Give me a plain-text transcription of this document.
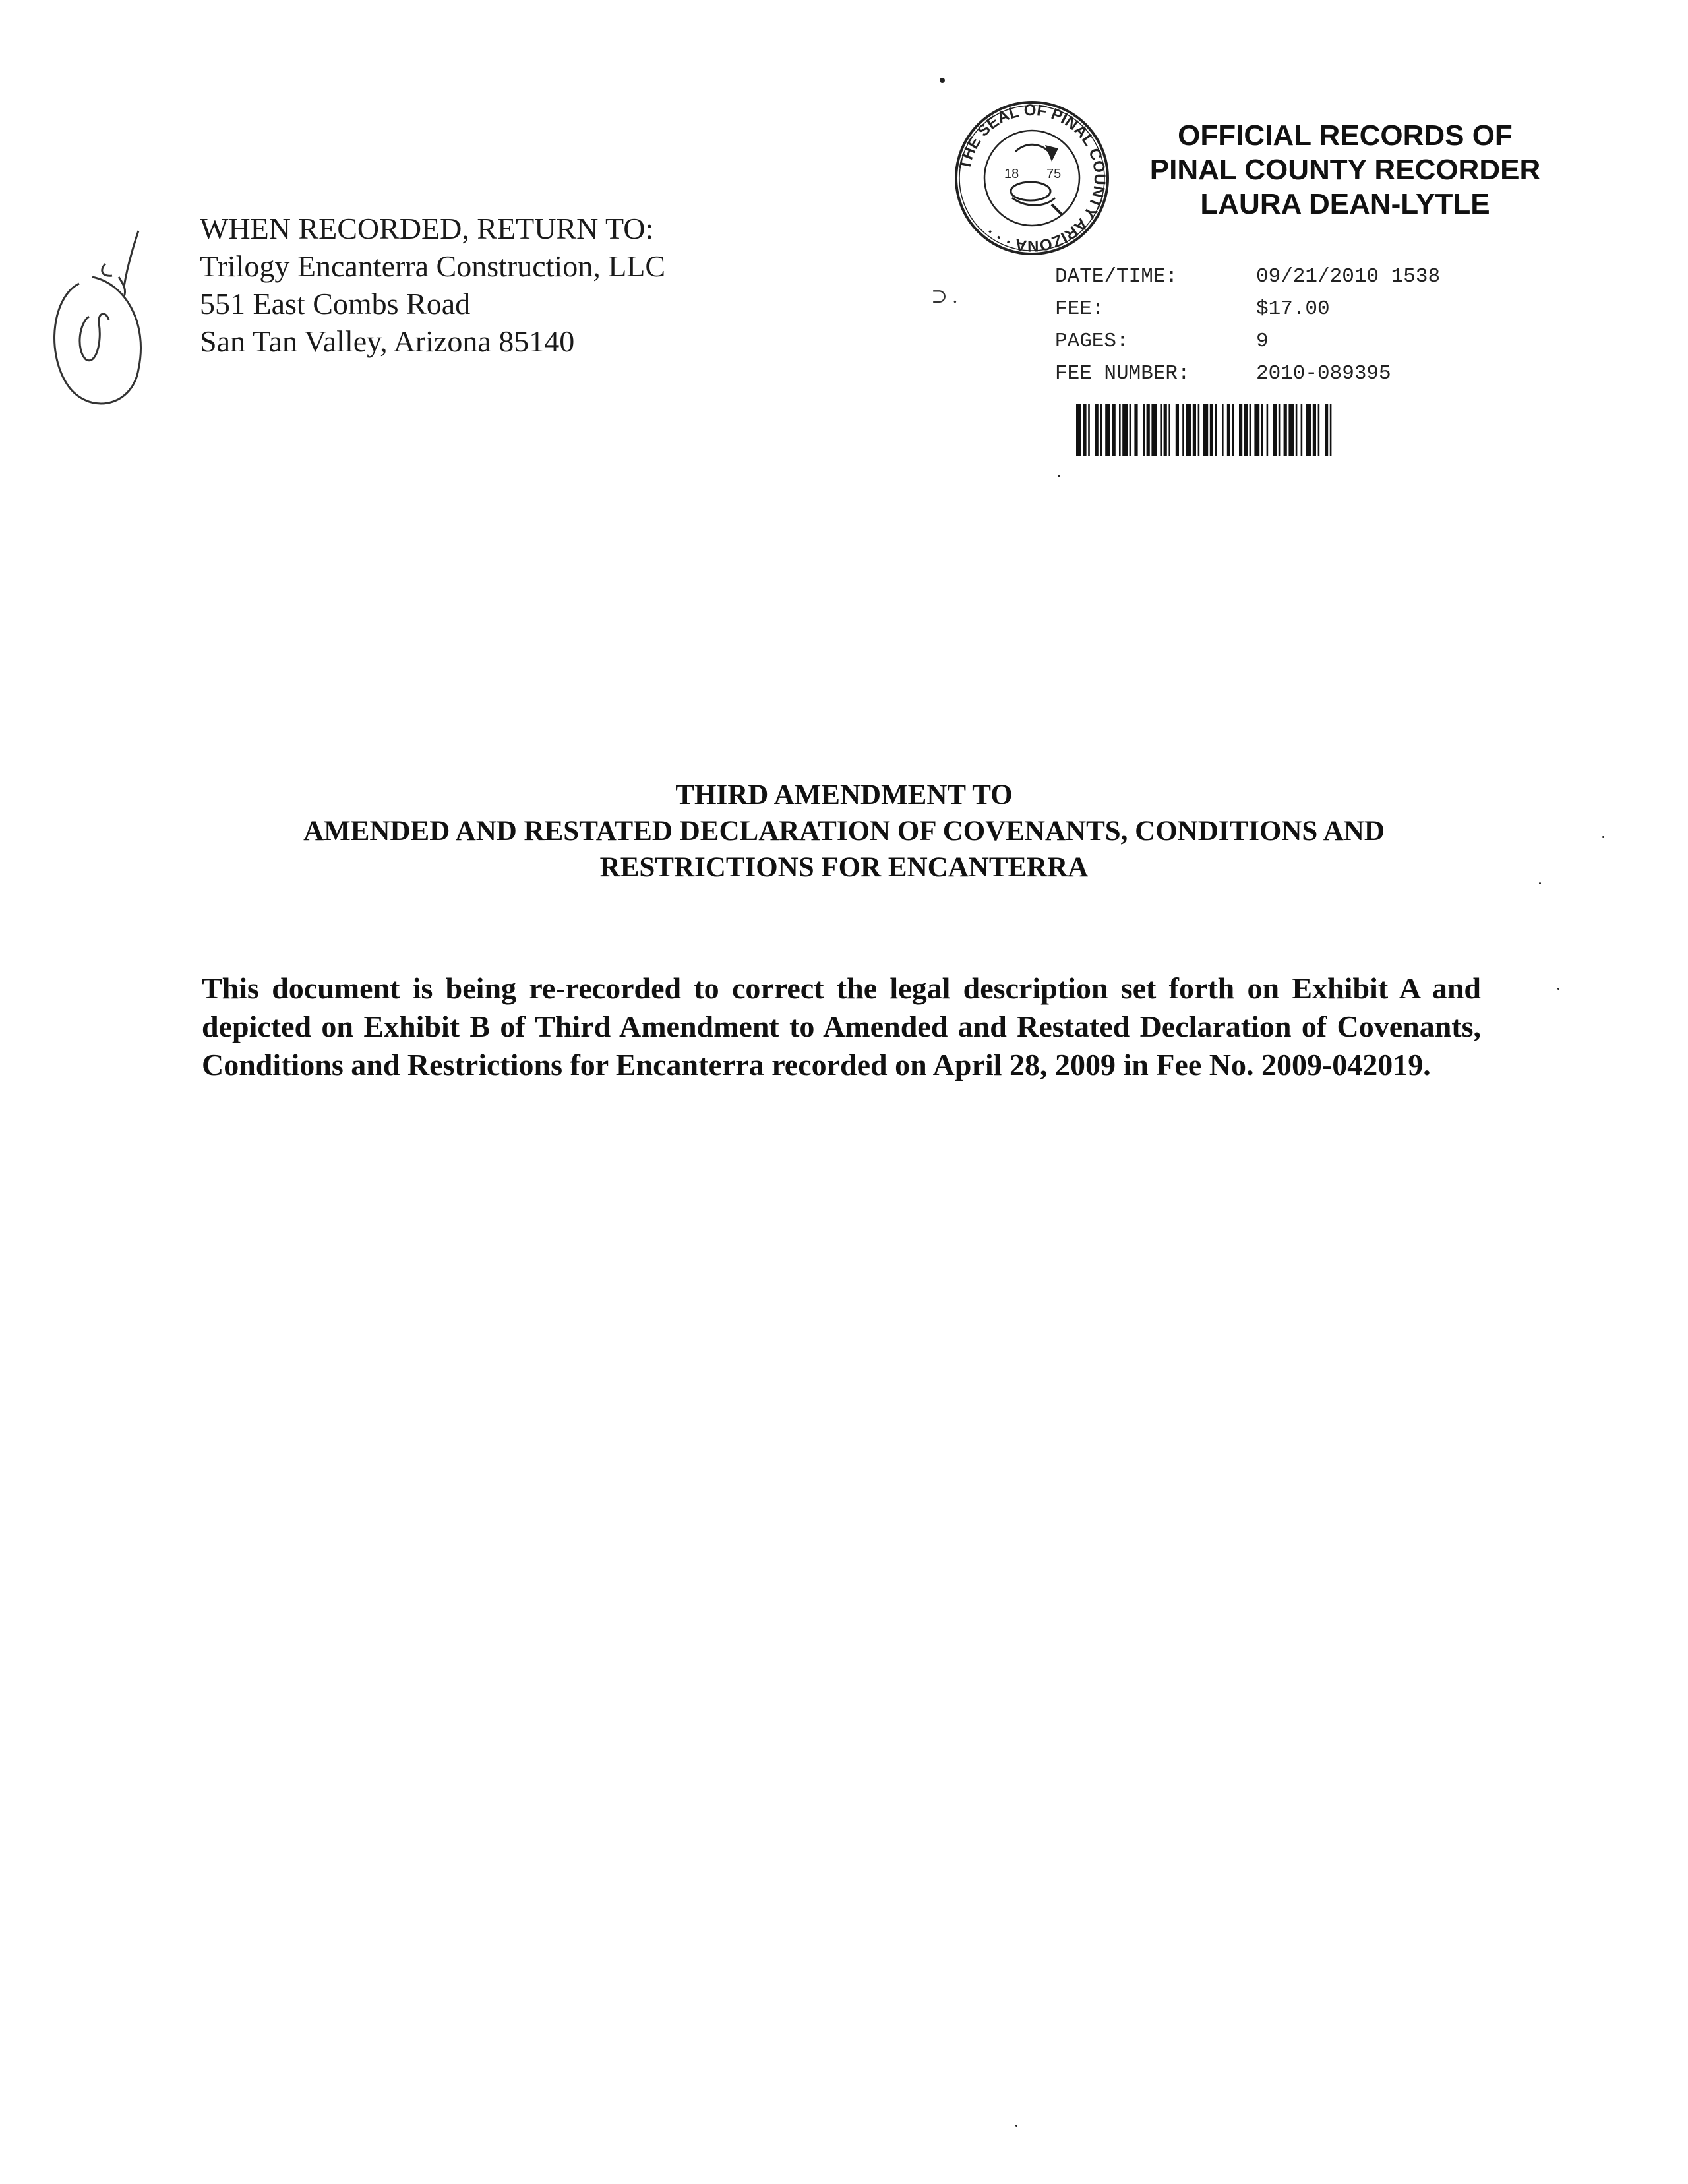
WHEN RECORDED, RETURN TO:
Trilogy Encanterra Construction, LLC
551 East Combs Road
San Tan Valley, Arizona 85140
THE SEAL OF PINAL COUNTY ARIZONA · · ·
18 75
OFFICIAL RECORDS OF
PINAL COUNTY RECORDER
LAURA DEAN-LYTLE
⊃ .
DATE/TIME:	09/21/2010 1538
FEE:	$17.00
PAGES:	9
FEE NUMBER:	2010-089395
THIRD AMENDMENT TO
AMENDED AND RESTATED DECLARATION OF COVENANTS, CONDITIONS AND
RESTRICTIONS FOR ENCANTERRA
This document is being re-recorded to correct the legal description set forth on Exhibit A and depicted on Exhibit B of Third Amendment to Amended and Restated Declaration of Covenants, Conditions and Restrictions for Encanterra recorded on April 28, 2009 in Fee No. 2009-042019.
